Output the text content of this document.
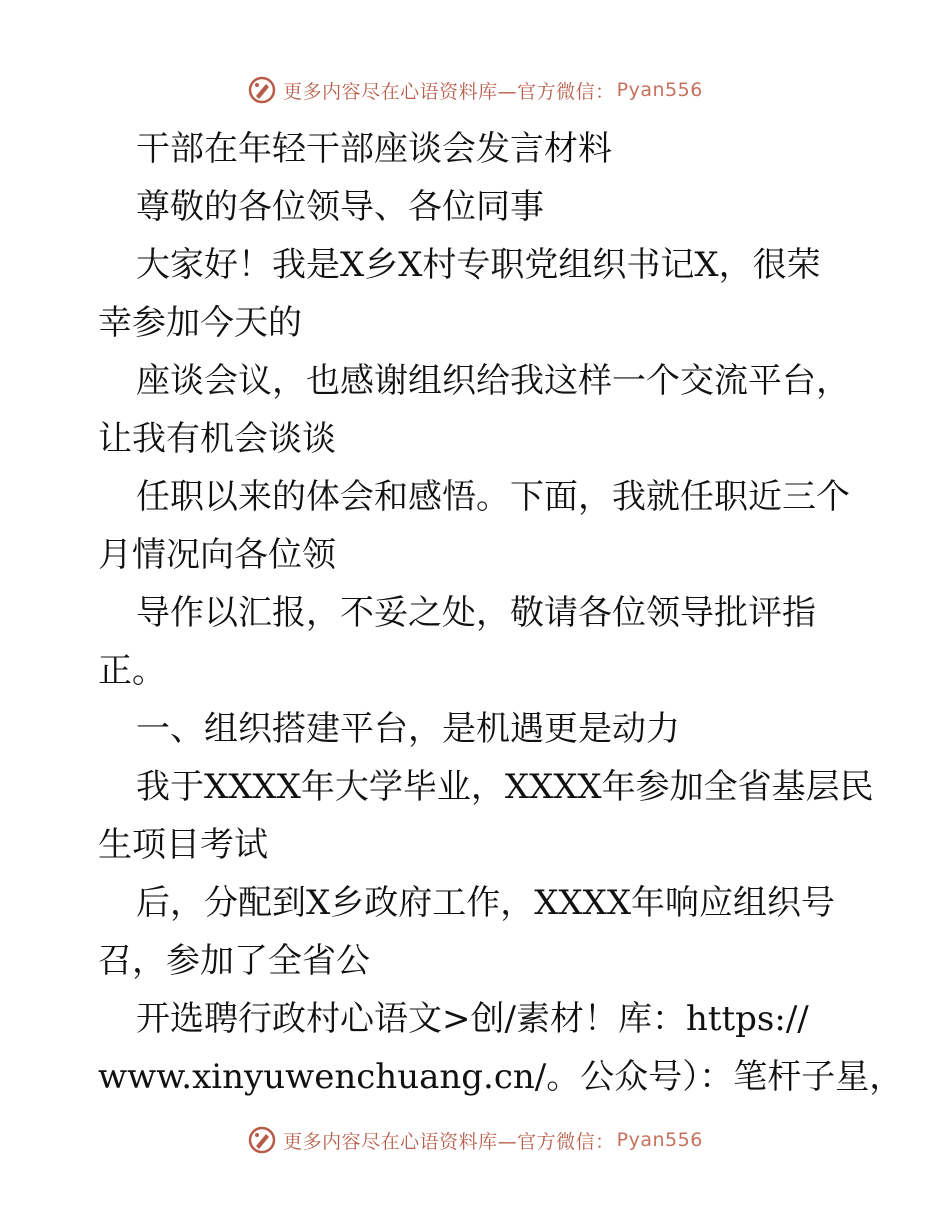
更多内容尽在心语资料库—官方微信： Pyan556
干部在年轻干部座谈会发言材料
尊敬的各位领导、各位同事
大家好！我是X乡X村专职党组织书记X，很荣
幸参加今天的
座谈会议，也感谢组织给我这样一个交流平台，
让我有机会谈谈
任职以来的体会和感悟。下面，我就任职近三个
月情况向各位领
导作以汇报，不妥之处，敬请各位领导批评指
正。
一、组织搭建平台，是机遇更是动力
我于XXXX年大学毕业，XXXX年参加全省基层民
生项目考试
后，分配到X乡政府工作，XXXX年响应组织号
召，参加了全省公
开选聘行政村心语文>创/素材！库：https://
www.xinyuwenchuang.cn/。公众号）：笔杆子星，
更多内容尽在心语资料库—官方微信： Pyan556
